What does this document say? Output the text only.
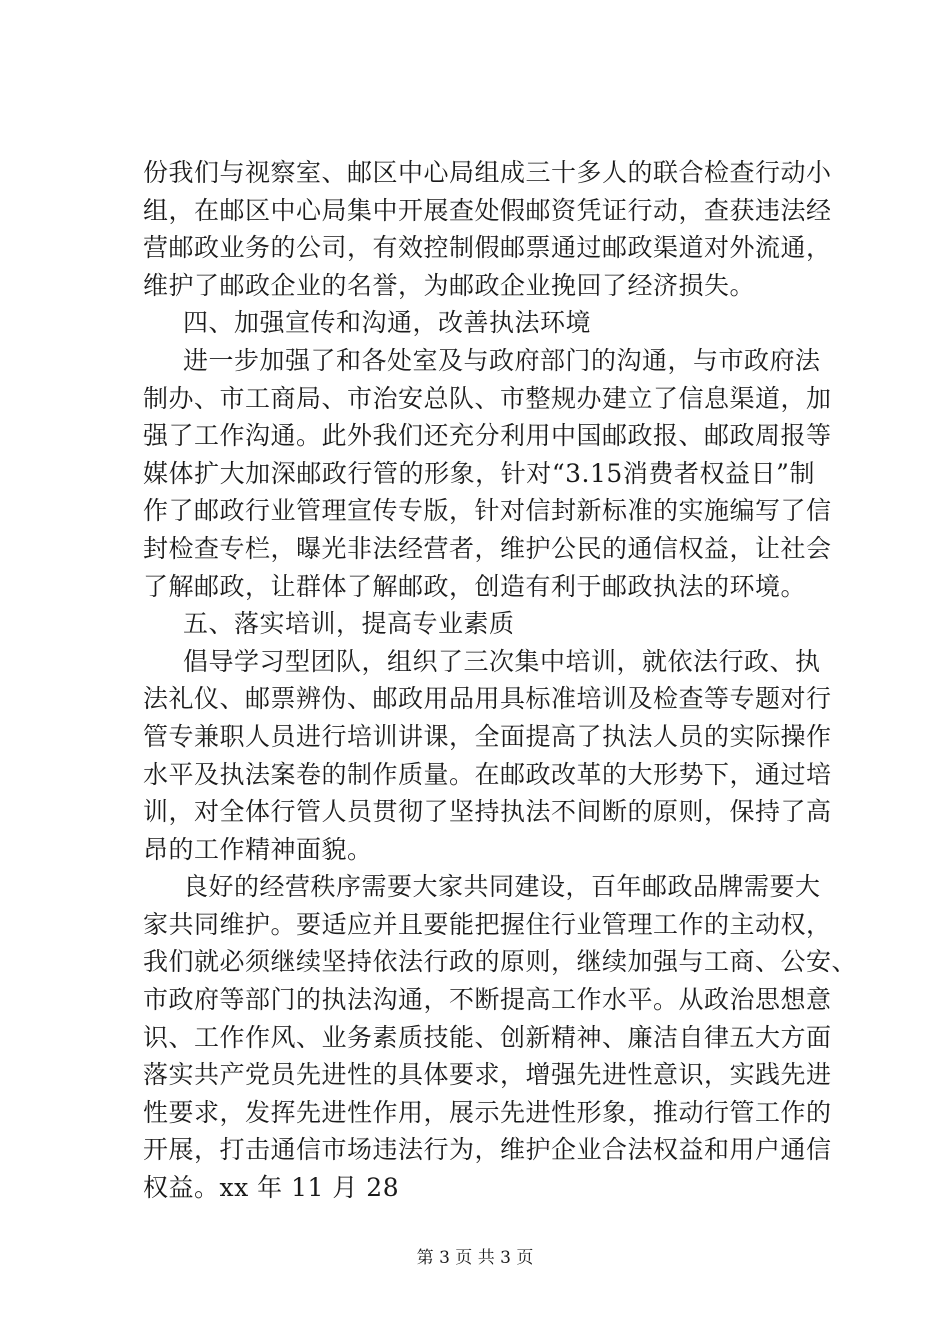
份我们与视察室、邮区中心局组成三十多人的联合检查行动小
组，在邮区中心局集中开展查处假邮资凭证行动，查获违法经
营邮政业务的公司，有效控制假邮票通过邮政渠道对外流通，
维护了邮政企业的名誉，为邮政企业挽回了经济损失。
四、加强宣传和沟通，改善执法环境
进一步加强了和各处室及与政府部门的沟通，与市政府法
制办、市工商局、市治安总队、市整规办建立了信息渠道，加
强了工作沟通。此外我们还充分利用中国邮政报、邮政周报等
媒体扩大加深邮政行管的形象，针对“3.15消费者权益日”制
作了邮政行业管理宣传专版，针对信封新标准的实施编写了信
封检查专栏，曝光非法经营者，维护公民的通信权益，让社会
了解邮政，让群体了解邮政，创造有利于邮政执法的环境。
五、落实培训，提高专业素质
倡导学习型团队，组织了三次集中培训，就依法行政、执
法礼仪、邮票辨伪、邮政用品用具标准培训及检查等专题对行
管专兼职人员进行培训讲课，全面提高了执法人员的实际操作
水平及执法案卷的制作质量。在邮政改革的大形势下，通过培
训，对全体行管人员贯彻了坚持执法不间断的原则，保持了高
昂的工作精神面貌。
良好的经营秩序需要大家共同建设，百年邮政品牌需要大
家共同维护。要适应并且要能把握住行业管理工作的主动权，
我们就必须继续坚持依法行政的原则，继续加强与工商、公安、
市政府等部门的执法沟通，不断提高工作水平。从政治思想意
识、工作作风、业务素质技能、创新精神、廉洁自律五大方面
落实共产党员先进性的具体要求，增强先进性意识，实践先进
性要求，发挥先进性作用，展示先进性形象，推动行管工作的
开展，打击通信市场违法行为，维护企业合法权益和用户通信
权益。xx 年 11 月 28
第 3 页 共 3 页
